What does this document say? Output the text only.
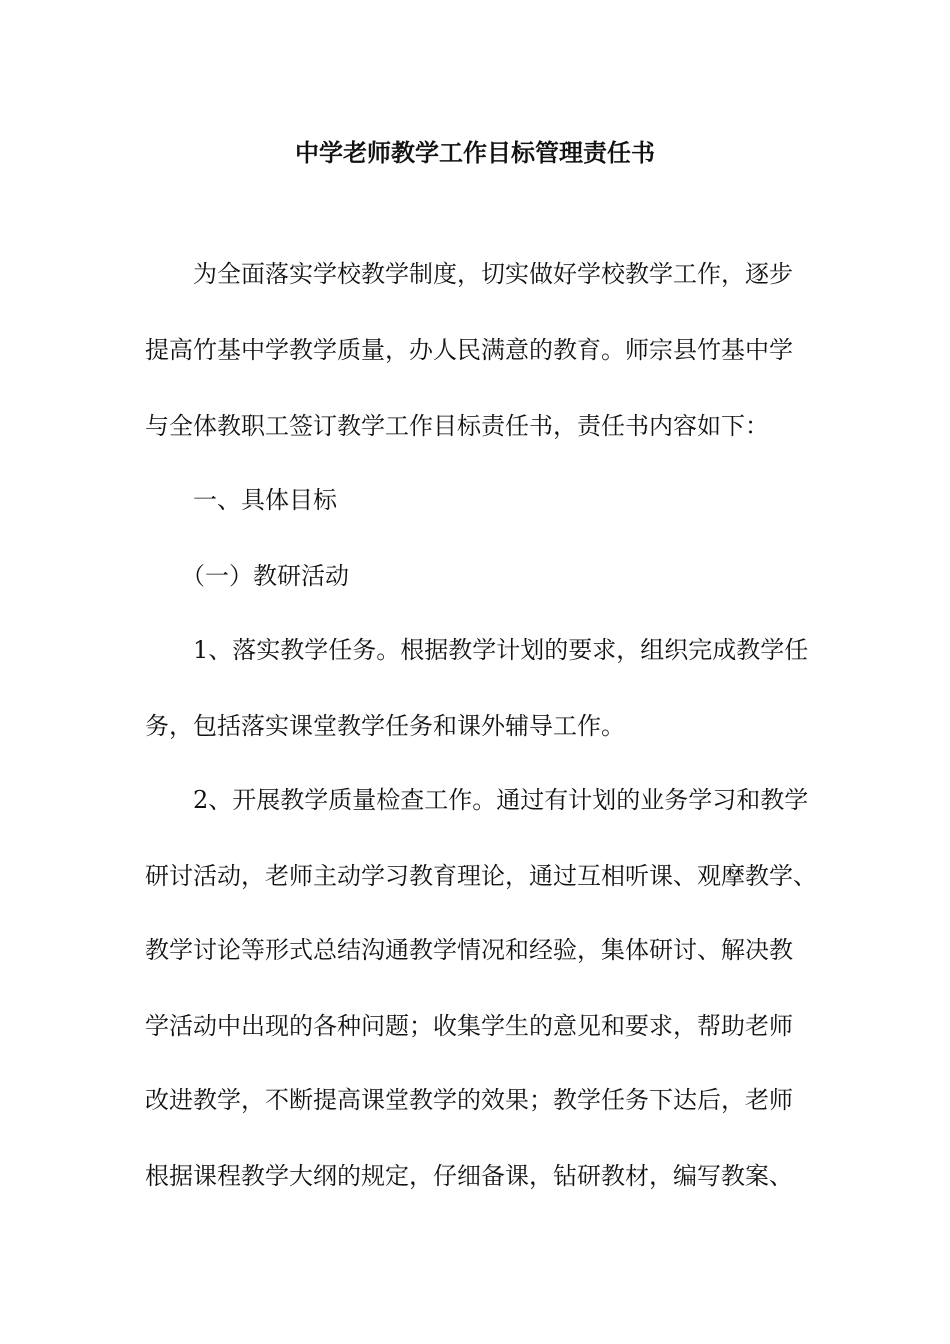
中学老师教学工作目标管理责任书

为全面落实学校教学制度，切实做好学校教学工作，逐步

提高竹基中学教学质量，办人民满意的教育。师宗县竹基中学

与全体教职工签订教学工作目标责任书，责任书内容如下：

一、具体目标

（一）教研活动

1、落实教学任务。根据教学计划的要求，组织完成教学任

务，包括落实课堂教学任务和课外辅导工作。

2、开展教学质量检查工作。通过有计划的业务学习和教学

研讨活动，老师主动学习教育理论，通过互相听课、观摩教学、

教学讨论等形式总结沟通教学情况和经验，集体研讨、解决教

学活动中出现的各种问题；收集学生的意见和要求，帮助老师

改进教学，不断提高课堂教学的效果；教学任务下达后，老师

根据课程教学大纲的规定，仔细备课，钻研教材，编写教案、
